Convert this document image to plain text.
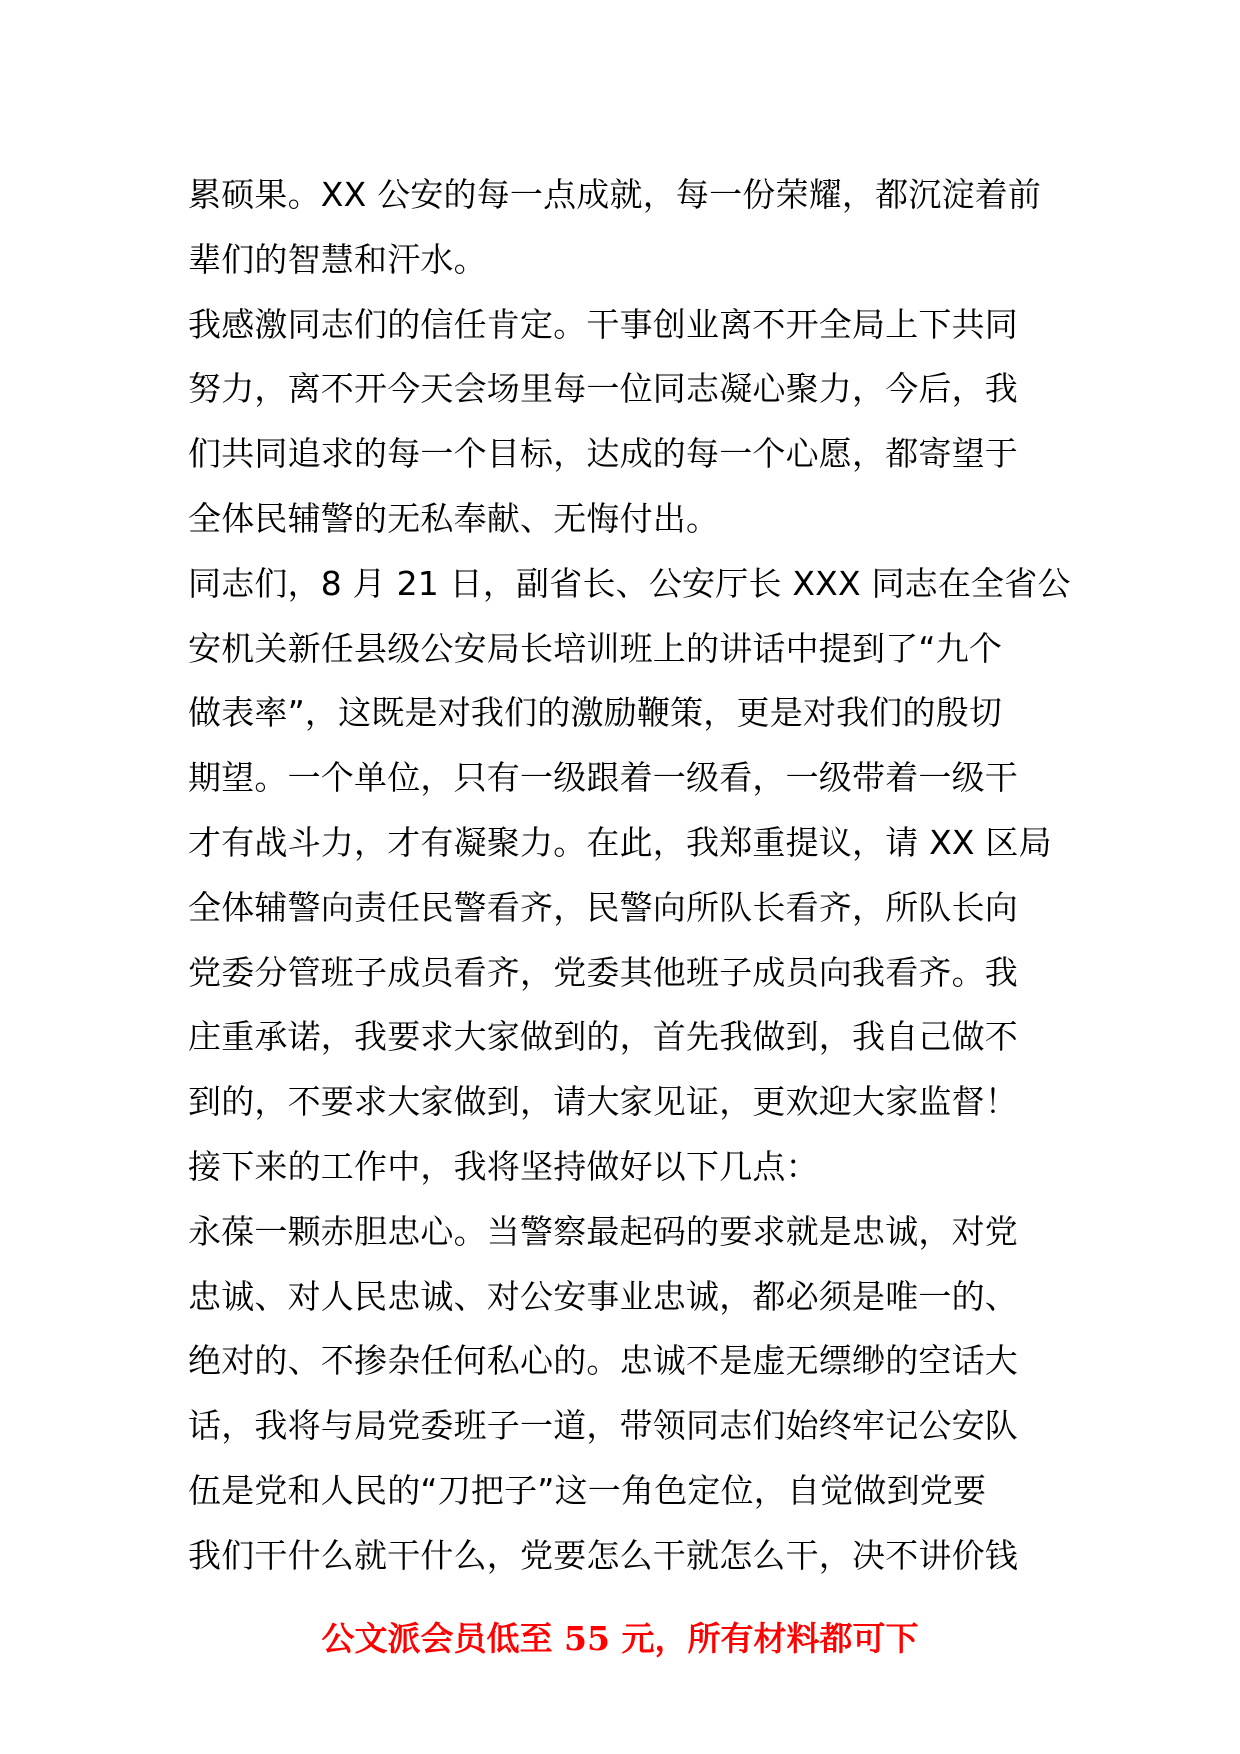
累硕果。XX 公安的每一点成就，每一份荣耀，都沉淀着前
辈们的智慧和汗水。
我感激同志们的信任肯定。干事创业离不开全局上下共同
努力，离不开今天会场里每一位同志凝心聚力，今后，我
们共同追求的每一个目标，达成的每一个心愿，都寄望于
全体民辅警的无私奉献、无悔付出。
同志们，8 月 21 日，副省长、公安厅长 XXX 同志在全省公
安机关新任县级公安局长培训班上的讲话中提到了“九个
做表率”，这既是对我们的激励鞭策，更是对我们的殷切
期望。一个单位，只有一级跟着一级看，一级带着一级干
才有战斗力，才有凝聚力。在此，我郑重提议，请 XX 区局
全体辅警向责任民警看齐，民警向所队长看齐，所队长向
党委分管班子成员看齐，党委其他班子成员向我看齐。我
庄重承诺，我要求大家做到的，首先我做到，我自己做不
到的，不要求大家做到，请大家见证，更欢迎大家监督！
接下来的工作中，我将坚持做好以下几点：
永葆一颗赤胆忠心。当警察最起码的要求就是忠诚，对党
忠诚、对人民忠诚、对公安事业忠诚，都必须是唯一的、
绝对的、不掺杂任何私心的。忠诚不是虚无缥缈的空话大
话，我将与局党委班子一道，带领同志们始终牢记公安队
伍是党和人民的“刀把子”这一角色定位，自觉做到党要
我们干什么就干什么，党要怎么干就怎么干，决不讲价钱
公文派会员低至 55 元，所有材料都可下
